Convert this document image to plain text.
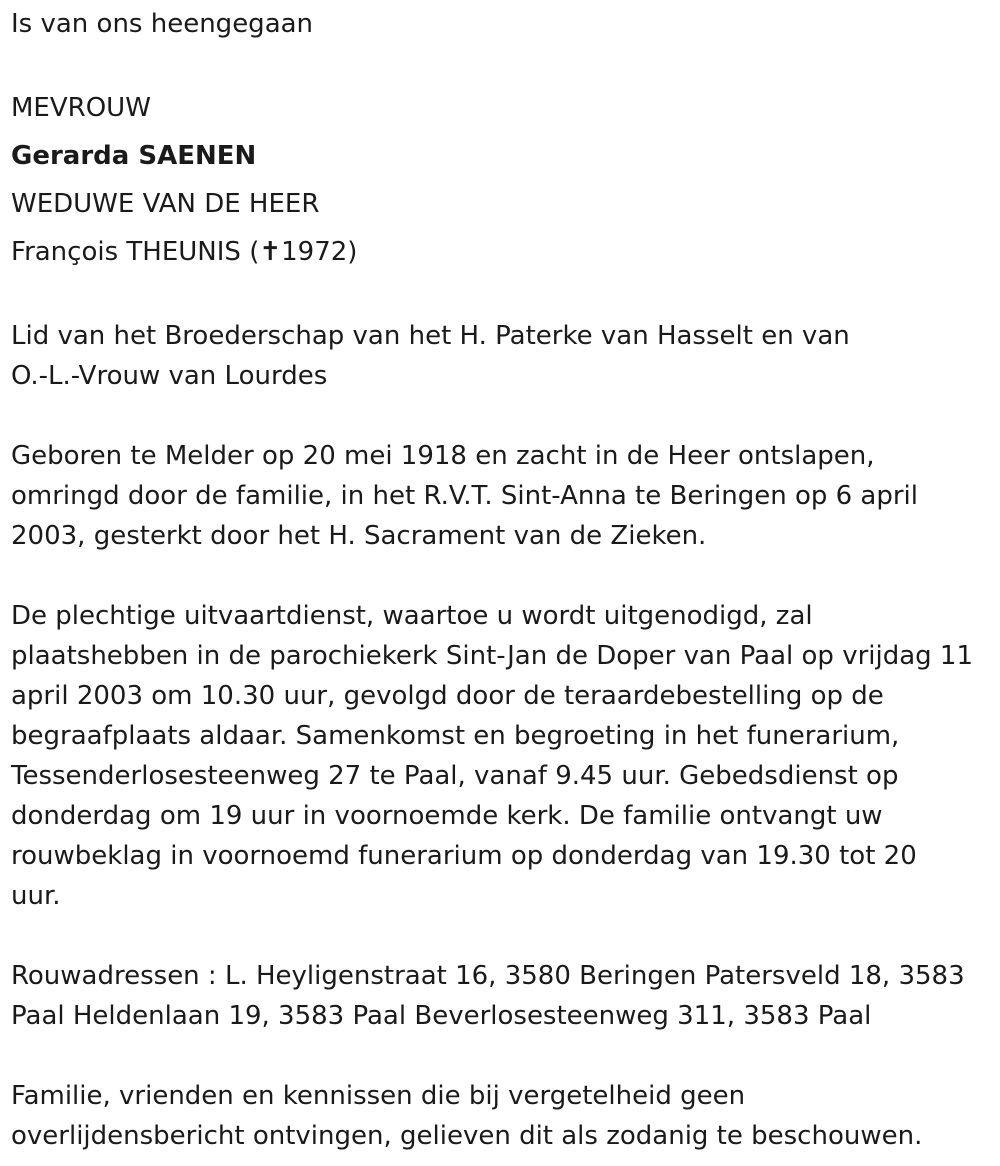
Is van ons heengegaan
MEVROUW
Gerarda SAENEN
WEDUWE VAN DE HEER
François THEUNIS (✝1972)
Lid van het Broederschap van het H. Paterke van Hasselt en van
O.-L.-Vrouw van Lourdes
Geboren te Melder op 20 mei 1918 en zacht in de Heer ontslapen,
omringd door de familie, in het R.V.T. Sint-Anna te Beringen op 6 april
2003, gesterkt door het H. Sacrament van de Zieken.
De plechtige uitvaartdienst, waartoe u wordt uitgenodigd, zal
plaatshebben in de parochiekerk Sint-Jan de Doper van Paal op vrijdag 11
april 2003 om 10.30 uur, gevolgd door de teraardebestelling op de
begraafplaats aldaar. Samenkomst en begroeting in het funerarium,
Tessenderlosesteenweg 27 te Paal, vanaf 9.45 uur. Gebedsdienst op
donderdag om 19 uur in voornoemde kerk. De familie ontvangt uw
rouwbeklag in voornoemd funerarium op donderdag van 19.30 tot 20
uur.
Rouwadressen : L. Heyligenstraat 16, 3580 Beringen Patersveld 18, 3583
Paal Heldenlaan 19, 3583 Paal Beverlosesteenweg 311, 3583 Paal
Familie, vrienden en kennissen die bij vergetelheid geen
overlijdensbericht ontvingen, gelieven dit als zodanig te beschouwen.
